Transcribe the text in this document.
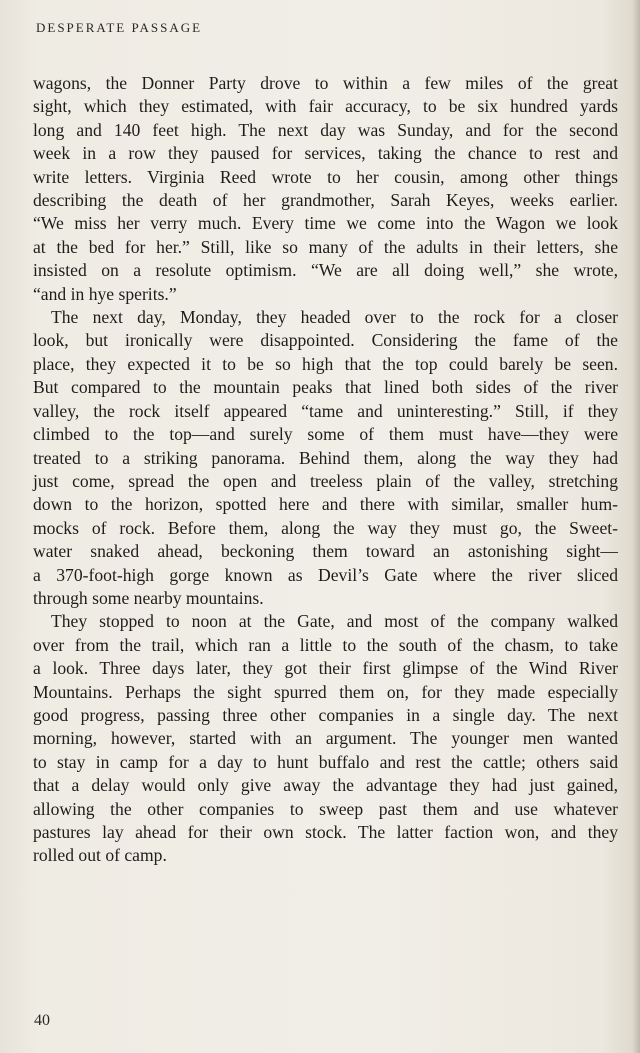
DESPERATE PASSAGE
wagons, the Donner Party drove to within a few miles of the great
sight, which they estimated, with fair accuracy, to be six hundred yards
long and 140 feet high. The next day was Sunday, and for the second
week in a row they paused for services, taking the chance to rest and
write letters. Virginia Reed wrote to her cousin, among other things
describing the death of her grandmother, Sarah Keyes, weeks earlier.
“We miss her verry much. Every time we come into the Wagon we look
at the bed for her.” Still, like so many of the adults in their letters, she
insisted on a resolute optimism. “We are all doing well,” she wrote,
“and in hye sperits.”
The next day, Monday, they headed over to the rock for a closer
look, but ironically were disappointed. Considering the fame of the
place, they expected it to be so high that the top could barely be seen.
But compared to the mountain peaks that lined both sides of the river
valley, the rock itself appeared “tame and uninteresting.” Still, if they
climbed to the top—and surely some of them must have—they were
treated to a striking panorama. Behind them, along the way they had
just come, spread the open and treeless plain of the valley, stretching
down to the horizon, spotted here and there with similar, smaller hum-
mocks of rock. Before them, along the way they must go, the Sweet-
water snaked ahead, beckoning them toward an astonishing sight—
a 370-foot-high gorge known as Devil’s Gate where the river sliced
through some nearby mountains.
They stopped to noon at the Gate, and most of the company walked
over from the trail, which ran a little to the south of the chasm, to take
a look. Three days later, they got their first glimpse of the Wind River
Mountains. Perhaps the sight spurred them on, for they made especially
good progress, passing three other companies in a single day. The next
morning, however, started with an argument. The younger men wanted
to stay in camp for a day to hunt buffalo and rest the cattle; others said
that a delay would only give away the advantage they had just gained,
allowing the other companies to sweep past them and use whatever
pastures lay ahead for their own stock. The latter faction won, and they
rolled out of camp.
40
